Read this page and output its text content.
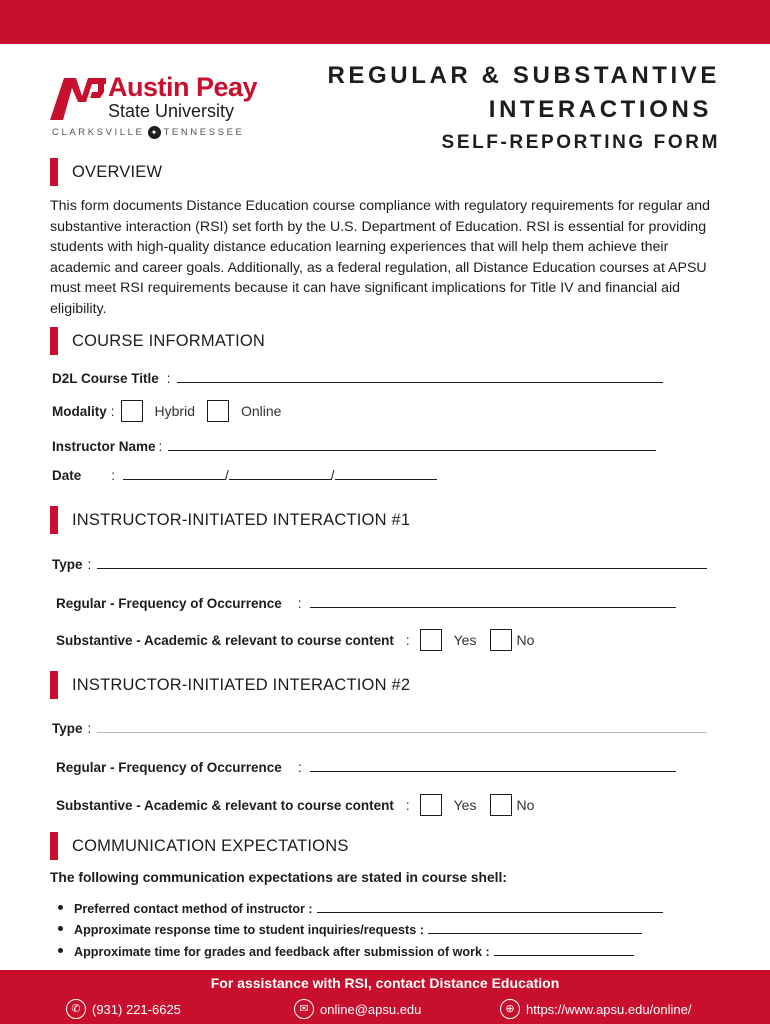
Austin Peay
State University
CLARKSVILLE ✦ TENNESSEE
REGULAR & SUBSTANTIVE
INTERACTIONS
SELF-REPORTING FORM
OVERVIEW
This form documents Distance Education course compliance with regulatory requirements for regular and substantive interaction (RSI) set forth by the U.S. Department of Education. RSI is essential for providing students with high-quality distance education learning experiences that will help them achieve their academic and career goals. Additionally, as a federal regulation, all Distance Education courses at APSU must meet RSI requirements because it can have significant implications for Title IV and financial aid eligibility.
COURSE INFORMATION
D2L Course Title :
Modality :	Hybrid	Online
Instructor Name :
Date :	/	/
INSTRUCTOR-INITIATED INTERACTION #1
Type :
Regular - Frequency of Occurrence :
Substantive - Academic & relevant to course content :	Yes	No
INSTRUCTOR-INITIATED INTERACTION #2
Type :
Regular - Frequency of Occurrence :
Substantive - Academic & relevant to course content :	Yes	No
COMMUNICATION EXPECTATIONS
The following communication expectations are stated in course shell:
Preferred contact method of instructor :
Approximate response time to student inquiries/requests :
Approximate time for grades and feedback after submission of work :
For assistance with RSI, contact Distance Education
✆ (931) 221-6625	✉ online@apsu.edu	⊕ https://www.apsu.edu/online/
